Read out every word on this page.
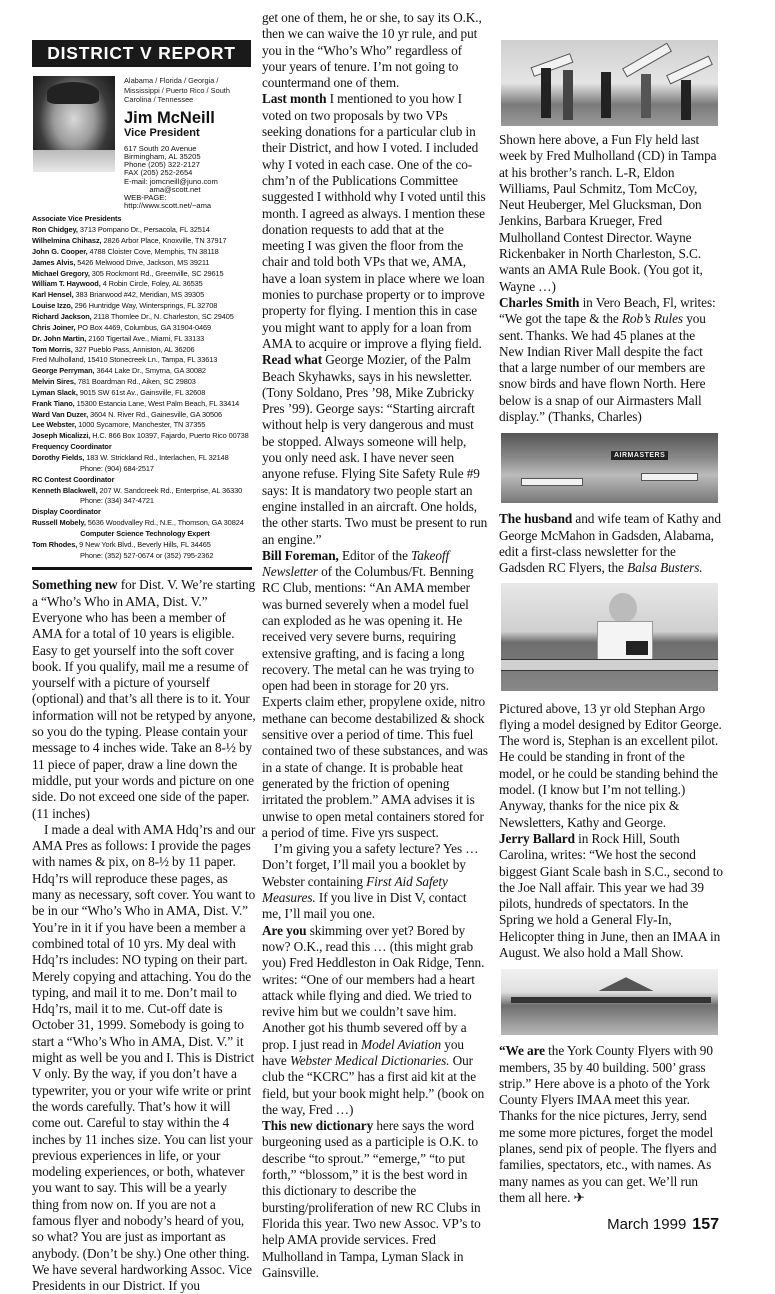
DISTRICT V REPORT
Alabama / Florida / Georgia / Mississippi / Puerto Rico / South Carolina / Tennessee
Jim McNeill
Vice President
617 South 20 Avenue
Birmingham, AL 35205
Phone (205) 322-2127
FAX (205) 252-2654
E-mail: jomcneill@juno.com
ama@scott.net
WEB-PAGE:
http://www.scott.net/~ama
Associate Vice Presidents
Ron Chidgey, 3713 Pompano Dr., Persacola, FL 32514
Wilhelmina Chihasz, 2826 Arbor Place, Knoxville, TN 37917
John G. Cooper, 4788 Cloister Cove, Memphis, TN 38118
James Alvis, 5426 Melwood Drive, Jackson, MS 39211
Michael Gregory, 305 Rockmont Rd., Greenville, SC 29615
William T. Haywood, 4 Robin Circle, Foley, AL 36535
Karl Hensel, 383 Briarwood #42, Meridian, MS 39305
Louise Izzo, 296 Huntridge Way, Wintersprings, FL 32708
Richard Jackson, 2118 Thomlee Dr., N. Charleston, SC 29405
Chris Joiner, PO Box 4469, Columbus, GA 31904-0469
Dr. John Martin, 2160 Tigertail Ave., Miami, FL 33133
Tom Morris, 327 Pueblo Pass, Anniston, AL 36206
Fred Mulholland, 15410 Stonecreek Ln., Tampa, FL 33613
George Perryman, 3644 Lake Dr., Smyrna, GA 30082
Melvin Sires, 781 Boardman Rd., Aiken, SC 29803
Lyman Slack, 9015 SW 61st Av., Gainsville, FL 32608
Frank Tiano, 15300 Estancia Lane, West Palm Beach, FL 33414
Ward Van Duzer, 3604 N. River Rd., Gainesville, GA 30506
Lee Webster, 1000 Sycamore, Manchester, TN 37355
Joseph Micalizzi, H.C. 866 Box 10397, Fajardo, Puerto Rico 00738
Frequency Coordinator
Dorothy Fields, 183 W. Strickland Rd., Interlachen, FL 32148
Phone: (904) 684-2517
RC Contest Coordinator
Kenneth Blackwell, 207 W. Sandcreek Rd., Enterprise, AL 36330
Phone: (334) 347-4721
Display Coordinator
Russell Mobely, 5636 Woodvalley Rd., N.E., Thomson, GA 30824
Computer Science Technology Expert
Tom Rhodes, 9 New York Blvd., Beverly Hills, FL 34465
Phone: (352) 527-0674 or (352) 795-2362

Something new for Dist. V. We’re starting a “Who’s Who in AMA, Dist. V.” Everyone who has been a member of AMA for a total of 10 years is eligible. Easy to get yourself into the soft cover book. If you qualify, mail me a resume of yourself with a picture of yourself (optional) and that’s all there is to it. Your information will not be retyped by anyone, so you do the typing. Please contain your message to 4 inches wide. Take an 8-½ by 11 piece of paper, draw a line down the middle, put your words and picture on one side. Do not exceed one side of the paper. (11 inches)

I made a deal with AMA Hdq’rs and our AMA Pres as follows: I provide the pages with names & pix, on 8-½ by 11 paper. Hdq’rs will reproduce these pages, as many as necessary, soft cover. You want to be in our “Who’s Who in AMA, Dist. V.” You’re in it if you have been a member a combined total of 10 yrs. My deal with Hdq’rs includes: NO typing on their part. Merely copying and attaching. You do the typing, and mail it to me. Don’t mail to Hdq’rs, mail it to me. Cut-off date is October 31, 1999. Somebody is going to start a “Who’s Who in AMA, Dist. V.” it might as well be you and I. This is District V only. By the way, if you don’t have a typewriter, you or your wife write or print the words carefully. That’s how it will come out. Careful to stay within the 4 inches by 11 inches size. You can list your previous experiences in life, or your modeling experiences, or both, whatever you want to say. This will be a yearly thing from now on. If you are not a famous flyer and nobody’s heard of you, so what? You are just as important as anybody. (Don’t be shy.) One other thing. We have several hardworking Assoc. Vice Presidents in our District. If you

get one of them, he or she, to say its O.K., then we can waive the 10 yr rule, and put you in the “Who’s Who” regardless of your years of tenure. I’m not going to countermand one of them.

Last month I mentioned to you how I voted on two proposals by two VPs seeking donations for a particular club in their District, and how I voted. I included why I voted in each case. One of the co-chm’n of the Publications Committee suggested I withhold why I voted until this month. I agreed as always. I mention these donation requests to add that at the meeting I was given the floor from the chair and told both VPs that we, AMA, have a loan system in place where we loan monies to purchase property or to improve property for flying. I mention this in case you might want to apply for a loan from AMA to acquire or improve a flying field.

Read what George Mozier, of the Palm Beach Skyhawks, says in his newsletter. (Tony Soldano, Pres ’98, Mike Zubricky Pres ’99). George says: “Starting aircraft without help is very dangerous and must be stopped. Always someone will help, you only need ask. I have never seen anyone refuse. Flying Site Safety Rule #9 says: It is mandatory two people start an engine installed in an aircraft. One holds, the other starts. Two must be present to run an engine.”

Bill Foreman, Editor of the Takeoff Newsletter of the Columbus/Ft. Benning RC Club, mentions: “An AMA member was burned severely when a model fuel can exploded as he was opening it. He received very severe burns, requiring extensive grafting, and is facing a long recovery. The metal can he was trying to open had been in storage for 20 yrs. Experts claim ether, propylene oxide, nitro methane can become destabilized & shock sensitive over a period of time. This fuel contained two of these substances, and was in a state of change. It is probable heat generated by the friction of opening irritated the problem.” AMA advises it is unwise to open metal containers stored for a period of time. Five yrs suspect.

I’m giving you a safety lecture? Yes … Don’t forget, I’ll mail you a booklet by Webster containing First Aid Safety Measures. If you live in Dist V, contact me, I’ll mail you one.

Are you skimming over yet? Bored by now? O.K., read this … (this might grab you) Fred Heddleston in Oak Ridge, Tenn. writes: “One of our members had a heart attack while flying and died. We tried to revive him but we couldn’t save him. Another got his thumb severed off by a prop. I just read in Model Aviation you have Webster Medical Dictionaries. Our club the “KCRC” has a first aid kit at the field, but your book might help.” (book on the way, Fred …)

This new dictionary here says the word burgeoning used as a participle is O.K. to describe “to sprout.” “emerge,” “to put forth,” “blossom,” it is the best word in this dictionary to describe the bursting/proliferation of new RC Clubs in Florida this year. Two new Assoc. VP’s to help AMA provide services. Fred Mulholland in Tampa, Lyman Slack in Gainsville.

Shown here above, a Fun Fly held last week by Fred Mulholland (CD) in Tampa at his brother’s ranch. L-R, Eldon Williams, Paul Schmitz, Tom McCoy, Neut Heuberger, Mel Glucksman, Don Jenkins, Barbara Krueger, Fred Mulholland Contest Director. Wayne Rickenbaker in North Charleston, S.C. wants an AMA Rule Book. (You got it, Wayne …)

Charles Smith in Vero Beach, Fl, writes: “We got the tape & the Rob’s Rules you sent. Thanks. We had 45 planes at the New Indian River Mall despite the fact that a large number of our members are snow birds and have flown North. Here below is a snap of our Airmasters Mall display.” (Thanks, Charles)

AIRMASTERS

The husband and wife team of Kathy and George McMahon in Gadsden, Alabama, edit a first-class newsletter for the Gadsden RC Flyers, the Balsa Busters.

Pictured above, 13 yr old Stephan Argo flying a model designed by Editor George. The word is, Stephan is an excellent pilot. He could be standing in front of the model, or he could be standing behind the model. (I know but I’m not telling.) Anyway, thanks for the nice pix & Newsletters, Kathy and George.

Jerry Ballard in Rock Hill, South Carolina, writes: “We host the second biggest Giant Scale bash in S.C., second to the Joe Nall affair. This year we had 39 pilots, hundreds of spectators. In the Spring we hold a General Fly-In, Helicopter thing in June, then an IMAA in August. We also hold a Mall Show.

“We are the York County Flyers with 90 members, 35 by 40 building. 500’ grass strip.” Here above is a photo of the York County Flyers IMAA meet this year. Thanks for the nice pictures, Jerry, send me some more pictures, forget the model planes, send pix of people. The flyers and families, spectators, etc., with names. As many names as you can get. We’ll run them all here. ✈

March 1999 157
